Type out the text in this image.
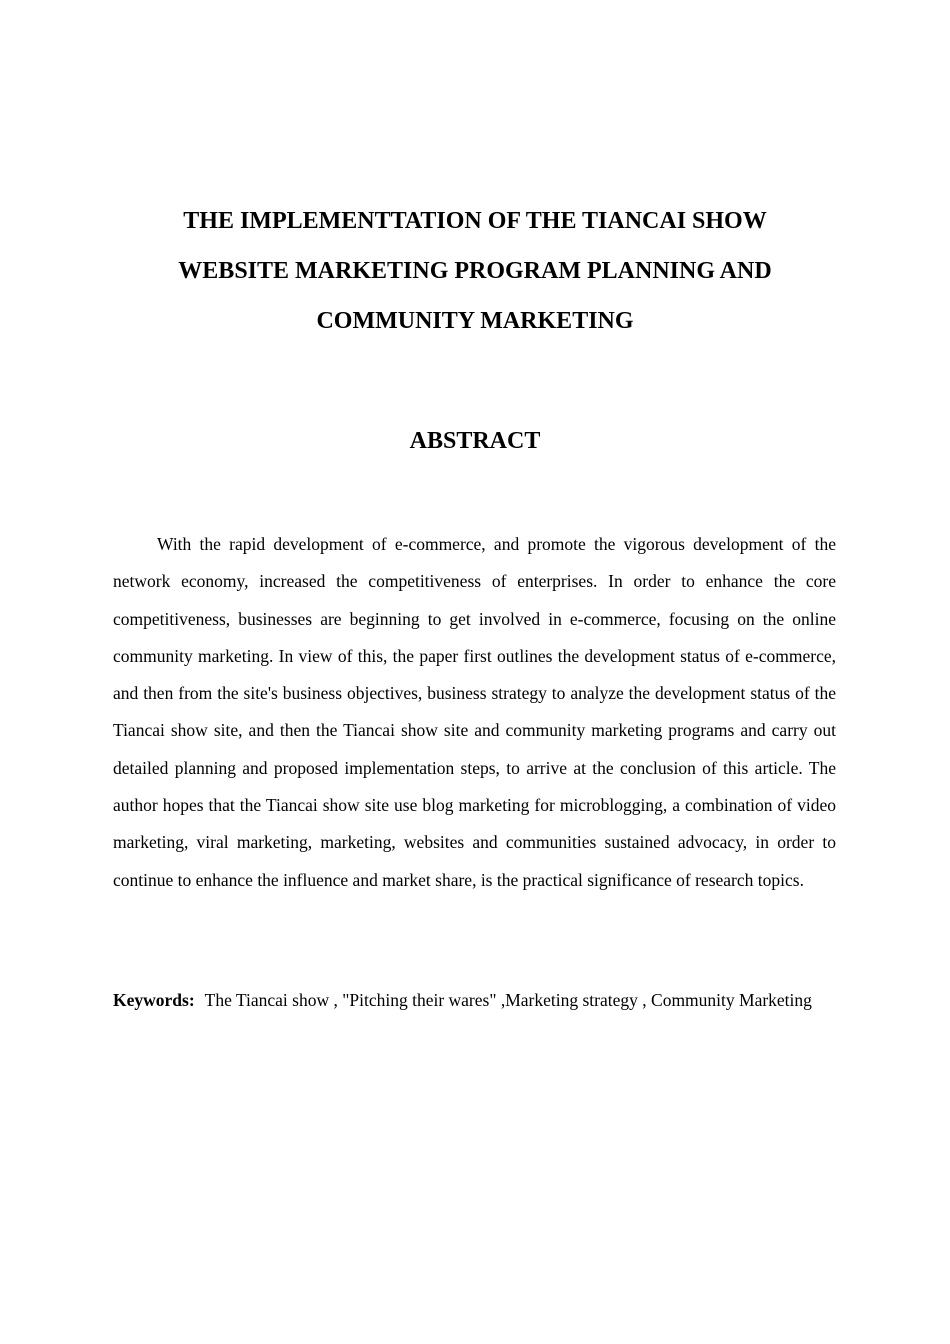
THE IMPLEMENTTATION OF THE TIANCAI SHOW
WEBSITE MARKETING PROGRAM PLANNING AND
COMMUNITY MARKETING
ABSTRACT

With the rapid development of e-commerce, and promote the vigorous development of the network economy, increased the competitiveness of enterprises. In order to enhance the core competitiveness, businesses are beginning to get involved in e-commerce, focusing on the online community marketing. In view of this, the paper first outlines the development status of e-commerce, and then from the site's business objectives, business strategy to analyze the development status of the Tiancai show site, and then the Tiancai show site and community marketing programs and carry out detailed planning and proposed implementation steps, to arrive at the conclusion of this article. The author hopes that the Tiancai show site use blog marketing for microblogging, a combination of video marketing, viral marketing, marketing, websites and communities sustained advocacy, in order to continue to enhance the influence and market share, is the practical significance of research topics.

Keywords: The Tiancai show , "Pitching their wares" ,Marketing strategy , Community Marketing
